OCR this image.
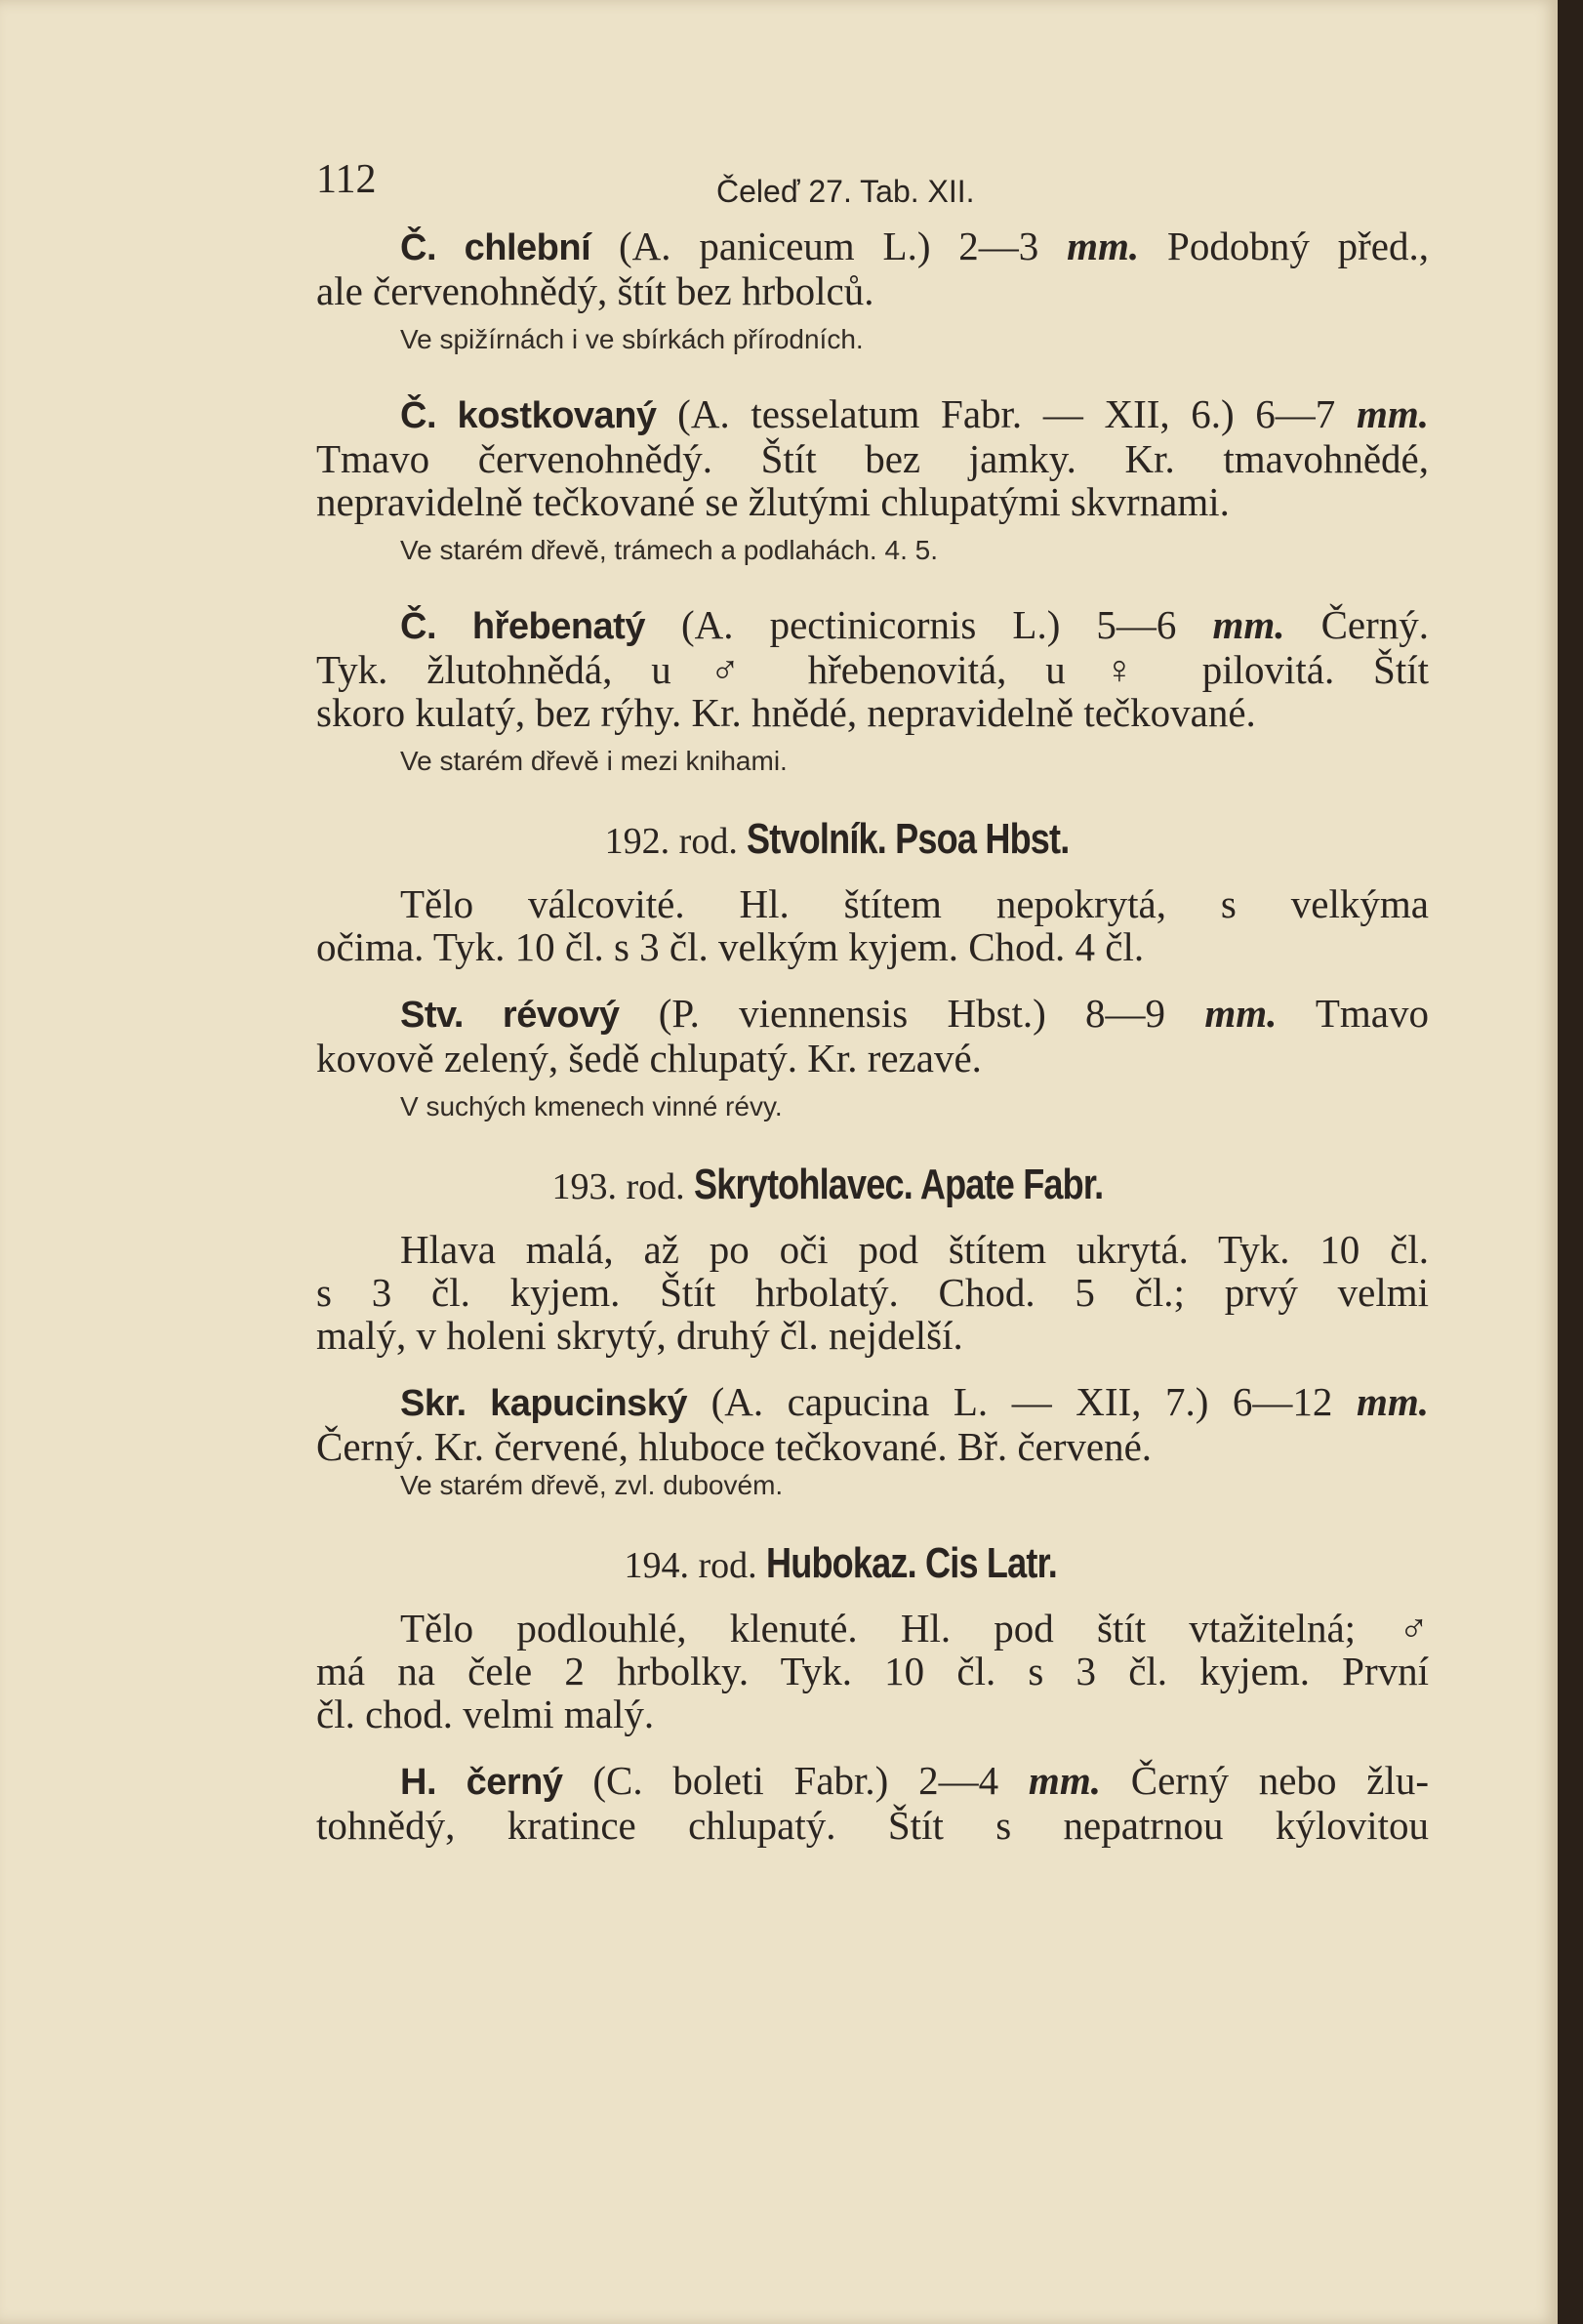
112	Čeleď 27. Tab. XII.
Č. chlební (A. paniceum L.) 2—3 mm. Podobný před.,
ale červenohnědý, štít bez hrbolců.
Ve spižírnách i ve sbírkách přírodních.
Č. kostkovaný (A. tesselatum Fabr. — XII, 6.) 6—7 mm.
Tmavo červenohnědý. Štít bez jamky. Kr. tmavohnědé,
nepravidelně tečkované se žlutými chlupatými skvrnami.
Ve starém dřevě, trámech a podlahách. 4. 5.
Č. hřebenatý (A. pectinicornis L.) 5—6 mm. Černý.
Tyk. žlutohnědá, u ♂ hřebenovitá, u ♀ pilovitá. Štít
skoro kulatý, bez rýhy. Kr. hnědé, nepravidelně tečkované.
Ve starém dřevě i mezi knihami.
192. rod. Stvolník. Psoa Hbst.
Tělo válcovité. Hl. štítem nepokrytá, s velkýma
očima. Tyk. 10 čl. s 3 čl. velkým kyjem. Chod. 4 čl.
Stv. révový (P. viennensis Hbst.) 8—9 mm. Tmavo
kovově zelený, šedě chlupatý. Kr. rezavé.
V suchých kmenech vinné révy.
193. rod. Skrytohlavec. Apate Fabr.
Hlava malá, až po oči pod štítem ukrytá. Tyk. 10 čl.
s 3 čl. kyjem. Štít hrbolatý. Chod. 5 čl.; prvý velmi
malý, v holeni skrytý, druhý čl. nejdelší.
Skr. kapucinský (A. capucina L. — XII, 7.) 6—12 mm.
Černý. Kr. červené, hluboce tečkované. Bř. červené.
Ve starém dřevě, zvl. dubovém.
194. rod. Hubokaz. Cis Latr.
Tělo podlouhlé, klenuté. Hl. pod štít vtažitelná; ♂
má na čele 2 hrbolky. Tyk. 10 čl. s 3 čl. kyjem. První
čl. chod. velmi malý.
H. černý (C. boleti Fabr.) 2—4 mm. Černý nebo žlu-
tohnědý, kratince chlupatý. Štít s nepatrnou kýlovitou
